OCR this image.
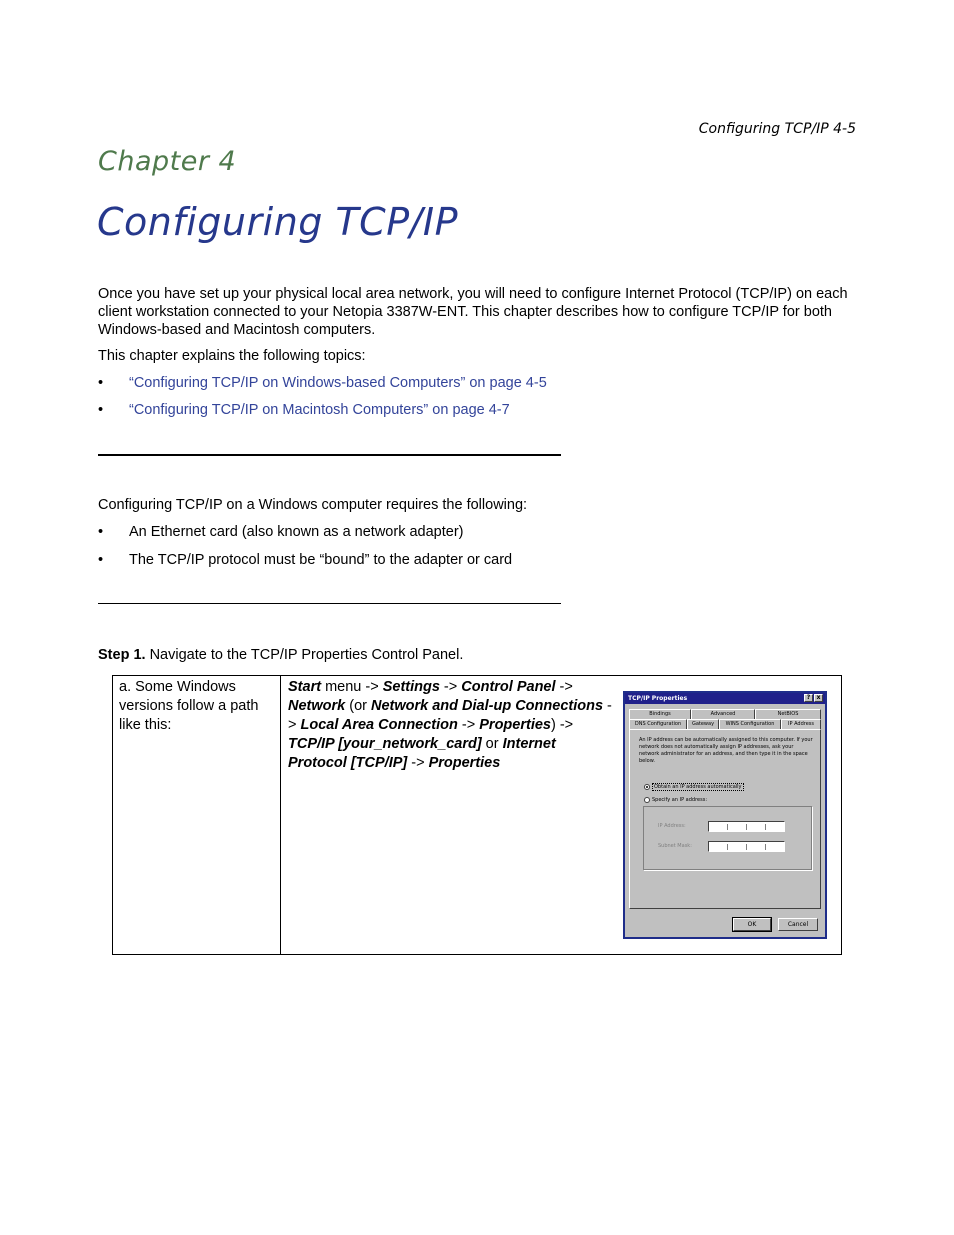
Configuring TCP/IP 4-5
Chapter 4
Configuring TCP/IP

Once you have set up your physical local area network, you will need to configure Internet Protocol (TCP/IP) on each client workstation connected to your Netopia 3387W-ENT. This chapter describes how to configure TCP/IP for both Windows-based and Macintosh computers.

This chapter explains the following topics:

• “Configuring TCP/IP on Windows-based Computers” on page 4-5
• “Configuring TCP/IP on Macintosh Computers” on page 4-7

Configuring TCP/IP on a Windows computer requires the following:

• An Ethernet card (also known as a network adapter)
• The TCP/IP protocol must be “bound” to the adapter or card

Step 1. Navigate to the TCP/IP Properties Control Panel.

a. Some Windows versions follow a path like this:
Start menu -> Settings -> Control Panel -> Network (or Network and Dial-up Connections -> Local Area Connection -> Properties) -> TCP/IP [your_network_card] or Internet Protocol [TCP/IP] -> Properties
TCP/IP Properties	?	x
Bindings	Advanced	NetBIOS
DNS Configuration	Gateway	WINS Configuration	IP Address
An IP address can be automatically assigned to this computer. If your network does not automatically assign IP addresses, ask your network administrator for an address, and then type it in the space below.
Obtain an IP address automatically
Specify an IP address:
IP Address:
Subnet Mask:
OK	Cancel
